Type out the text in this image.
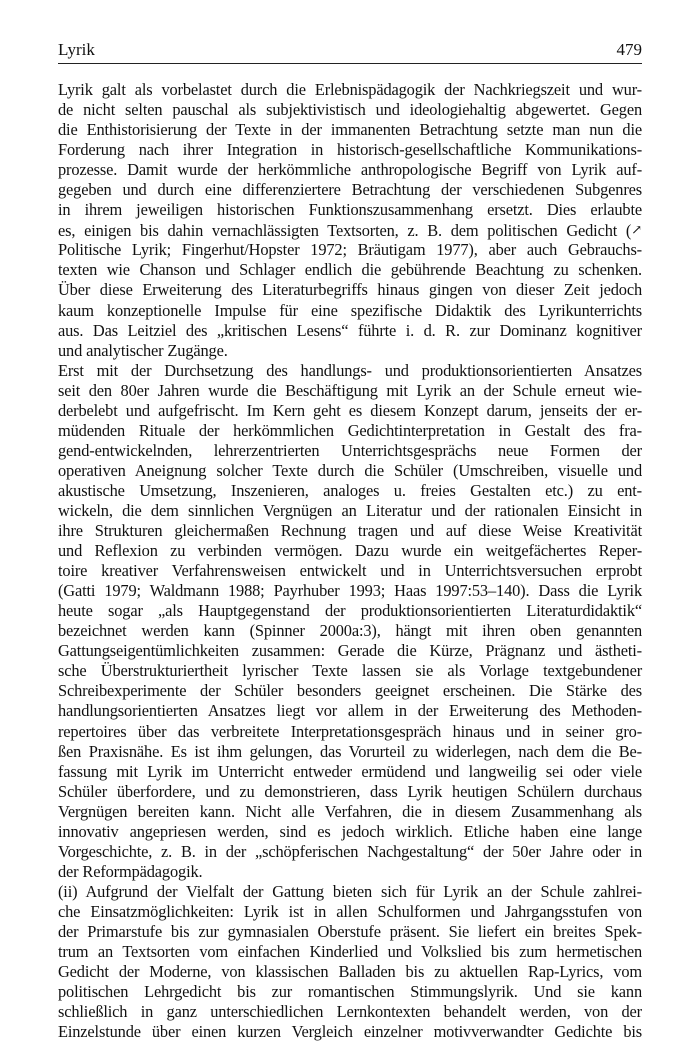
Lyrik	479
Lyrik galt als vorbelastet durch die Erlebnispädagogik der Nachkriegszeit und wur-
de nicht selten pauschal als subjektivistisch und ideologiehaltig abgewertet. Gegen
die Enthistorisierung der Texte in der immanenten Betrachtung setzte man nun die
Forderung nach ihrer Integration in historisch-gesellschaftliche Kommunikations-
prozesse. Damit wurde der herkömmliche anthropologische Begriff von Lyrik auf-
gegeben und durch eine differenziertere Betrachtung der verschiedenen Subgenres
in ihrem jeweiligen historischen Funktionszusammenhang ersetzt. Dies erlaubte
es, einigen bis dahin vernachlässigten Textsorten, z. B. dem politischen Gedicht (↗
Politische Lyrik; Fingerhut/Hopster 1972; Bräutigam 1977), aber auch Gebrauchs-
texten wie Chanson und Schlager endlich die gebührende Beachtung zu schenken.
Über diese Erweiterung des Literaturbegriffs hinaus gingen von dieser Zeit jedoch
kaum konzeptionelle Impulse für eine spezifische Didaktik des Lyrikunterrichts
aus. Das Leitziel des „kritischen Lesens“ führte i. d. R. zur Dominanz kognitiver
und analytischer Zugänge.
Erst mit der Durchsetzung des handlungs- und produktionsorientierten Ansatzes
seit den 80er Jahren wurde die Beschäftigung mit Lyrik an der Schule erneut wie-
derbelebt und aufgefrischt. Im Kern geht es diesem Konzept darum, jenseits der er-
müdenden Rituale der herkömmlichen Gedichtinterpretation in Gestalt des fra-
gend-entwickelnden, lehrerzentrierten Unterrichtsgesprächs neue Formen der
operativen Aneignung solcher Texte durch die Schüler (Umschreiben, visuelle und
akustische Umsetzung, Inszenieren, analoges u. freies Gestalten etc.) zu ent-
wickeln, die dem sinnlichen Vergnügen an Literatur und der rationalen Einsicht in
ihre Strukturen gleichermaßen Rechnung tragen und auf diese Weise Kreativität
und Reflexion zu verbinden vermögen. Dazu wurde ein weitgefächertes Reper-
toire kreativer Verfahrensweisen entwickelt und in Unterrichtsversuchen erprobt
(Gatti 1979; Waldmann 1988; Payrhuber 1993; Haas 1997:53–140). Dass die Lyrik
heute sogar „als Hauptgegenstand der produktionsorientierten Literaturdidaktik“
bezeichnet werden kann (Spinner 2000a:3), hängt mit ihren oben genannten
Gattungseigentümlichkeiten zusammen: Gerade die Kürze, Prägnanz und ästheti-
sche Überstrukturiertheit lyrischer Texte lassen sie als Vorlage textgebundener
Schreibexperimente der Schüler besonders geeignet erscheinen. Die Stärke des
handlungsorientierten Ansatzes liegt vor allem in der Erweiterung des Methoden-
repertoires über das verbreitete Interpretationsgespräch hinaus und in seiner gro-
ßen Praxisnähe. Es ist ihm gelungen, das Vorurteil zu widerlegen, nach dem die Be-
fassung mit Lyrik im Unterricht entweder ermüdend und langweilig sei oder viele
Schüler überfordere, und zu demonstrieren, dass Lyrik heutigen Schülern durchaus
Vergnügen bereiten kann. Nicht alle Verfahren, die in diesem Zusammenhang als
innovativ angepriesen werden, sind es jedoch wirklich. Etliche haben eine lange
Vorgeschichte, z. B. in der „schöpferischen Nachgestaltung“ der 50er Jahre oder in
der Reformpädagogik.
(ii) Aufgrund der Vielfalt der Gattung bieten sich für Lyrik an der Schule zahlrei-
che Einsatzmöglichkeiten: Lyrik ist in allen Schulformen und Jahrgangsstufen von
der Primarstufe bis zur gymnasialen Oberstufe präsent. Sie liefert ein breites Spek-
trum an Textsorten vom einfachen Kinderlied und Volkslied bis zum hermetischen
Gedicht der Moderne, von klassischen Balladen bis zu aktuellen Rap-Lyrics, vom
politischen Lehrgedicht bis zur romantischen Stimmungslyrik. Und sie kann
schließlich in ganz unterschiedlichen Lernkontexten behandelt werden, von der
Einzelstunde über einen kurzen Vergleich einzelner motivverwandter Gedichte bis
